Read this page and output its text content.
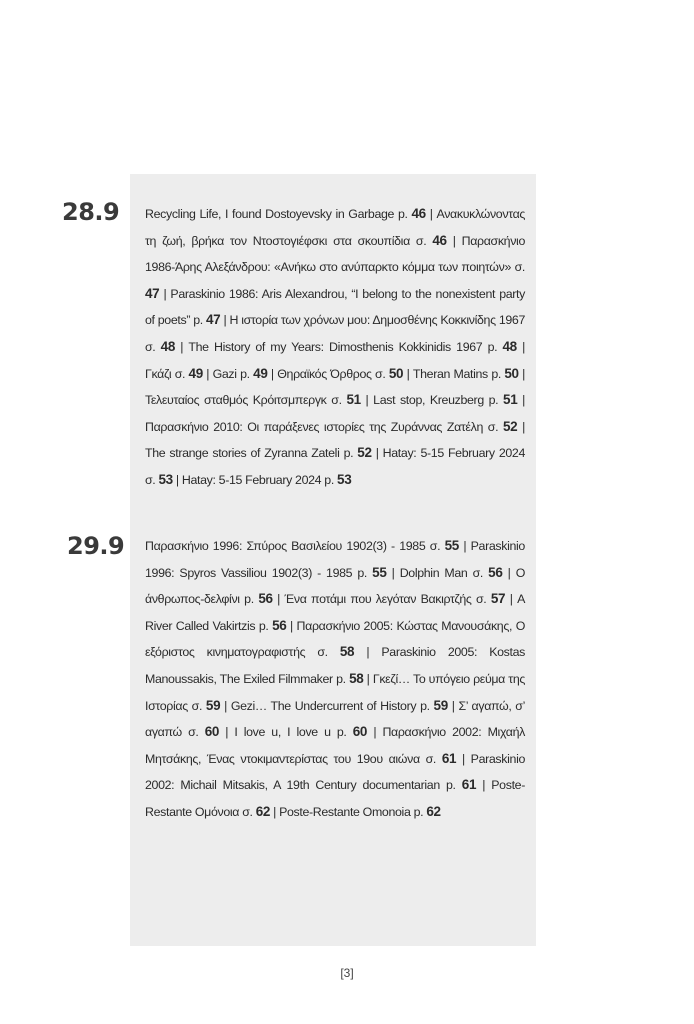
28.9 Recycling Life, I found Dostoyevsky in Garbage p. 46 | Ανακυκλώνοντας τη ζωή, βρήκα τον Ντοστογιέφσκι στα σκουπίδια σ. 46 | Παρασκήνιο 1986-Άρης Αλεξάνδρου: «Ανήκω στο ανύπαρκτο κόμμα των ποιητών» σ. 47 | Paraskinio 1986: Aris Alexandrou, “I belong to the nonexistent party of poets” p. 47 | Η ιστορία των χρόνων μου: Δημοσθένης Κοκκινίδης 1967 σ. 48 | The History of my Years: Dimosthenis Kokkinidis 1967 p. 48 | Γκάζι σ. 49 | Gazi p. 49 | Θηραϊκός Όρθρος σ. 50 | Theran Matins p. 50 | Τελευταίος σταθμός Κρόιτσμπεργκ σ. 51 | Last stop, Kreuzberg p. 51 | Παρασκήνιο 2010: Οι παράξενες ιστορίες της Ζυράννας Ζατέλη σ. 52 | The strange stories of Zyranna Zateli p. 52 | Hatay: 5-15 February 2024 σ. 53 | Hatay: 5-15 February 2024 p. 53
29.9 Παρασκήνιο 1996: Σπύρος Βασιλείου 1902(3) - 1985 σ. 55 | Paraskinio 1996: Spyros Vassiliou 1902(3) - 1985 p. 55 | Dolphin Man σ. 56 | Ο άνθρωπος-δελφίνι p. 56 | Ένα ποτάμι που λεγόταν Βακιρτζής σ. 57 | A River Called Vakirtzis p. 56 | Παρασκήνιο 2005: Κώστας Μανουσάκης, Ο εξόριστος κινηματογραφιστής σ. 58 | Paraskinio 2005: Kostas Manoussakis, The Exiled Filmmaker p. 58 | Γκεζί… Το υπόγειο ρεύμα της Ιστορίας σ. 59 | Gezi… The Undercurrent of History p. 59 | Σ’ αγαπώ, σ’ αγαπώ σ. 60 | I love u, I love u p. 60 | Παρασκήνιο 2002: Μιχαήλ Μητσάκης, Ένας ντοκιμαντερίστας του 19ου αιώνα σ. 61 | Paraskinio 2002: Michail Mitsakis, A 19th Century documentarian p. 61 | Poste-Restante Ομόνοια σ. 62 | Poste-Restante Omonoia p. 62
[3]
